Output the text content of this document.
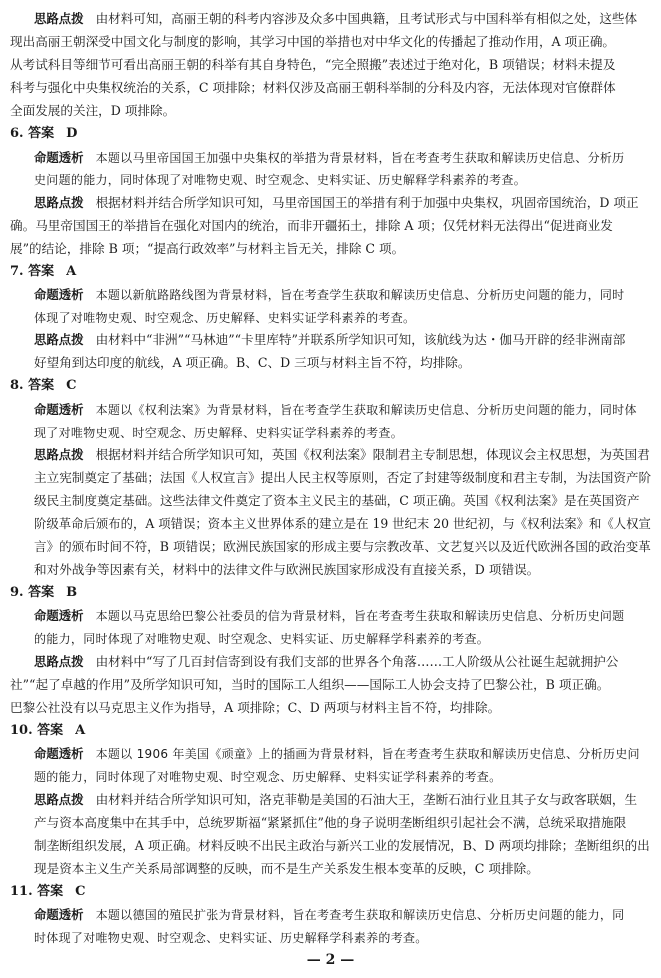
思路点拨 由材料可知，高丽王朝的科考内容涉及众多中国典籍，且考试形式与中国科举有相似之处，这些体
现出高丽王朝深受中国文化与制度的影响，其学习中国的举措也对中华文化的传播起了推动作用，A 项正确。
从考试科目等细节可看出高丽王朝的科举有其自身特色，“完全照搬”表述过于绝对化，B 项错误；材料未提及
科考与强化中央集权统治的关系，C 项排除；材料仅涉及高丽王朝科举制的分科及内容，无法体现对官僚群体
全面发展的关注，D 项排除。
6. 答案 D
命题透析 本题以马里帝国国王加强中央集权的举措为背景材料，旨在考查考生获取和解读历史信息、分析历
史问题的能力，同时体现了对唯物史观、时空观念、史料实证、历史解释学科素养的考查。
思路点拨 根据材料并结合所学知识可知，马里帝国国王的举措有利于加强中央集权，巩固帝国统治，D 项正
确。马里帝国国王的举措旨在强化对国内的统治，而非开疆拓土，排除 A 项；仅凭材料无法得出“促进商业发
展”的结论，排除 B 项；“提高行政效率”与材料主旨无关，排除 C 项。
7. 答案 A
命题透析 本题以新航路路线图为背景材料，旨在考查学生获取和解读历史信息、分析历史问题的能力，同时
体现了对唯物史观、时空观念、历史解释、史料实证学科素养的考查。
思路点拨 由材料中“非洲”“马林迪”“卡里库特”并联系所学知识可知，该航线为达・伽马开辟的经非洲南部
好望角到达印度的航线，A 项正确。B、C、D 三项与材料主旨不符，均排除。
8. 答案 C
命题透析 本题以《权利法案》为背景材料，旨在考查学生获取和解读历史信息、分析历史问题的能力，同时体
现了对唯物史观、时空观念、历史解释、史料实证学科素养的考查。
思路点拨 根据材料并结合所学知识可知，英国《权利法案》限制君主专制思想，体现议会主权思想，为英国君
主立宪制奠定了基础；法国《人权宣言》提出人民主权等原则，否定了封建等级制度和君主专制，为法国资产阶
级民主制度奠定基础。这些法律文件奠定了资本主义民主的基础，C 项正确。英国《权利法案》是在英国资产
阶级革命后颁布的，A 项错误；资本主义世界体系的建立是在 19 世纪末 20 世纪初，与《权利法案》和《人权宣
言》的颁布时间不符，B 项错误；欧洲民族国家的形成主要与宗教改革、文艺复兴以及近代欧洲各国的政治变革
和对外战争等因素有关，材料中的法律文件与欧洲民族国家形成没有直接关系，D 项错误。
9. 答案 B
命题透析 本题以马克思给巴黎公社委员的信为背景材料，旨在考查考生获取和解读历史信息、分析历史问题
的能力，同时体现了对唯物史观、时空观念、史料实证、历史解释学科素养的考查。
思路点拨 由材料中“写了几百封信寄到设有我们支部的世界各个角落……工人阶级从公社诞生起就拥护公
社”“起了卓越的作用”及所学知识可知，当时的国际工人组织——国际工人协会支持了巴黎公社，B 项正确。
巴黎公社没有以马克思主义作为指导，A 项排除；C、D 两项与材料主旨不符，均排除。
10. 答案 A
命题透析 本题以 1906 年美国《顽童》上的插画为背景材料，旨在考查考生获取和解读历史信息、分析历史问
题的能力，同时体现了对唯物史观、时空观念、历史解释、史料实证学科素养的考查。
思路点拨 由材料并结合所学知识可知，洛克菲勒是美国的石油大王，垄断石油行业且其子女与政客联姻，生
产与资本高度集中在其手中，总统罗斯福“紧紧抓住”他的身子说明垄断组织引起社会不满，总统采取措施限
制垄断组织发展，A 项正确。材料反映不出民主政治与新兴工业的发展情况，B、D 两项均排除；垄断组织的出
现是资本主义生产关系局部调整的反映，而不是生产关系发生根本变革的反映，C 项排除。
11. 答案 C
命题透析 本题以德国的殖民扩张为背景材料，旨在考查考生获取和解读历史信息、分析历史问题的能力，同
时体现了对唯物史观、时空观念、史料实证、历史解释学科素养的考查。
— 2 —
